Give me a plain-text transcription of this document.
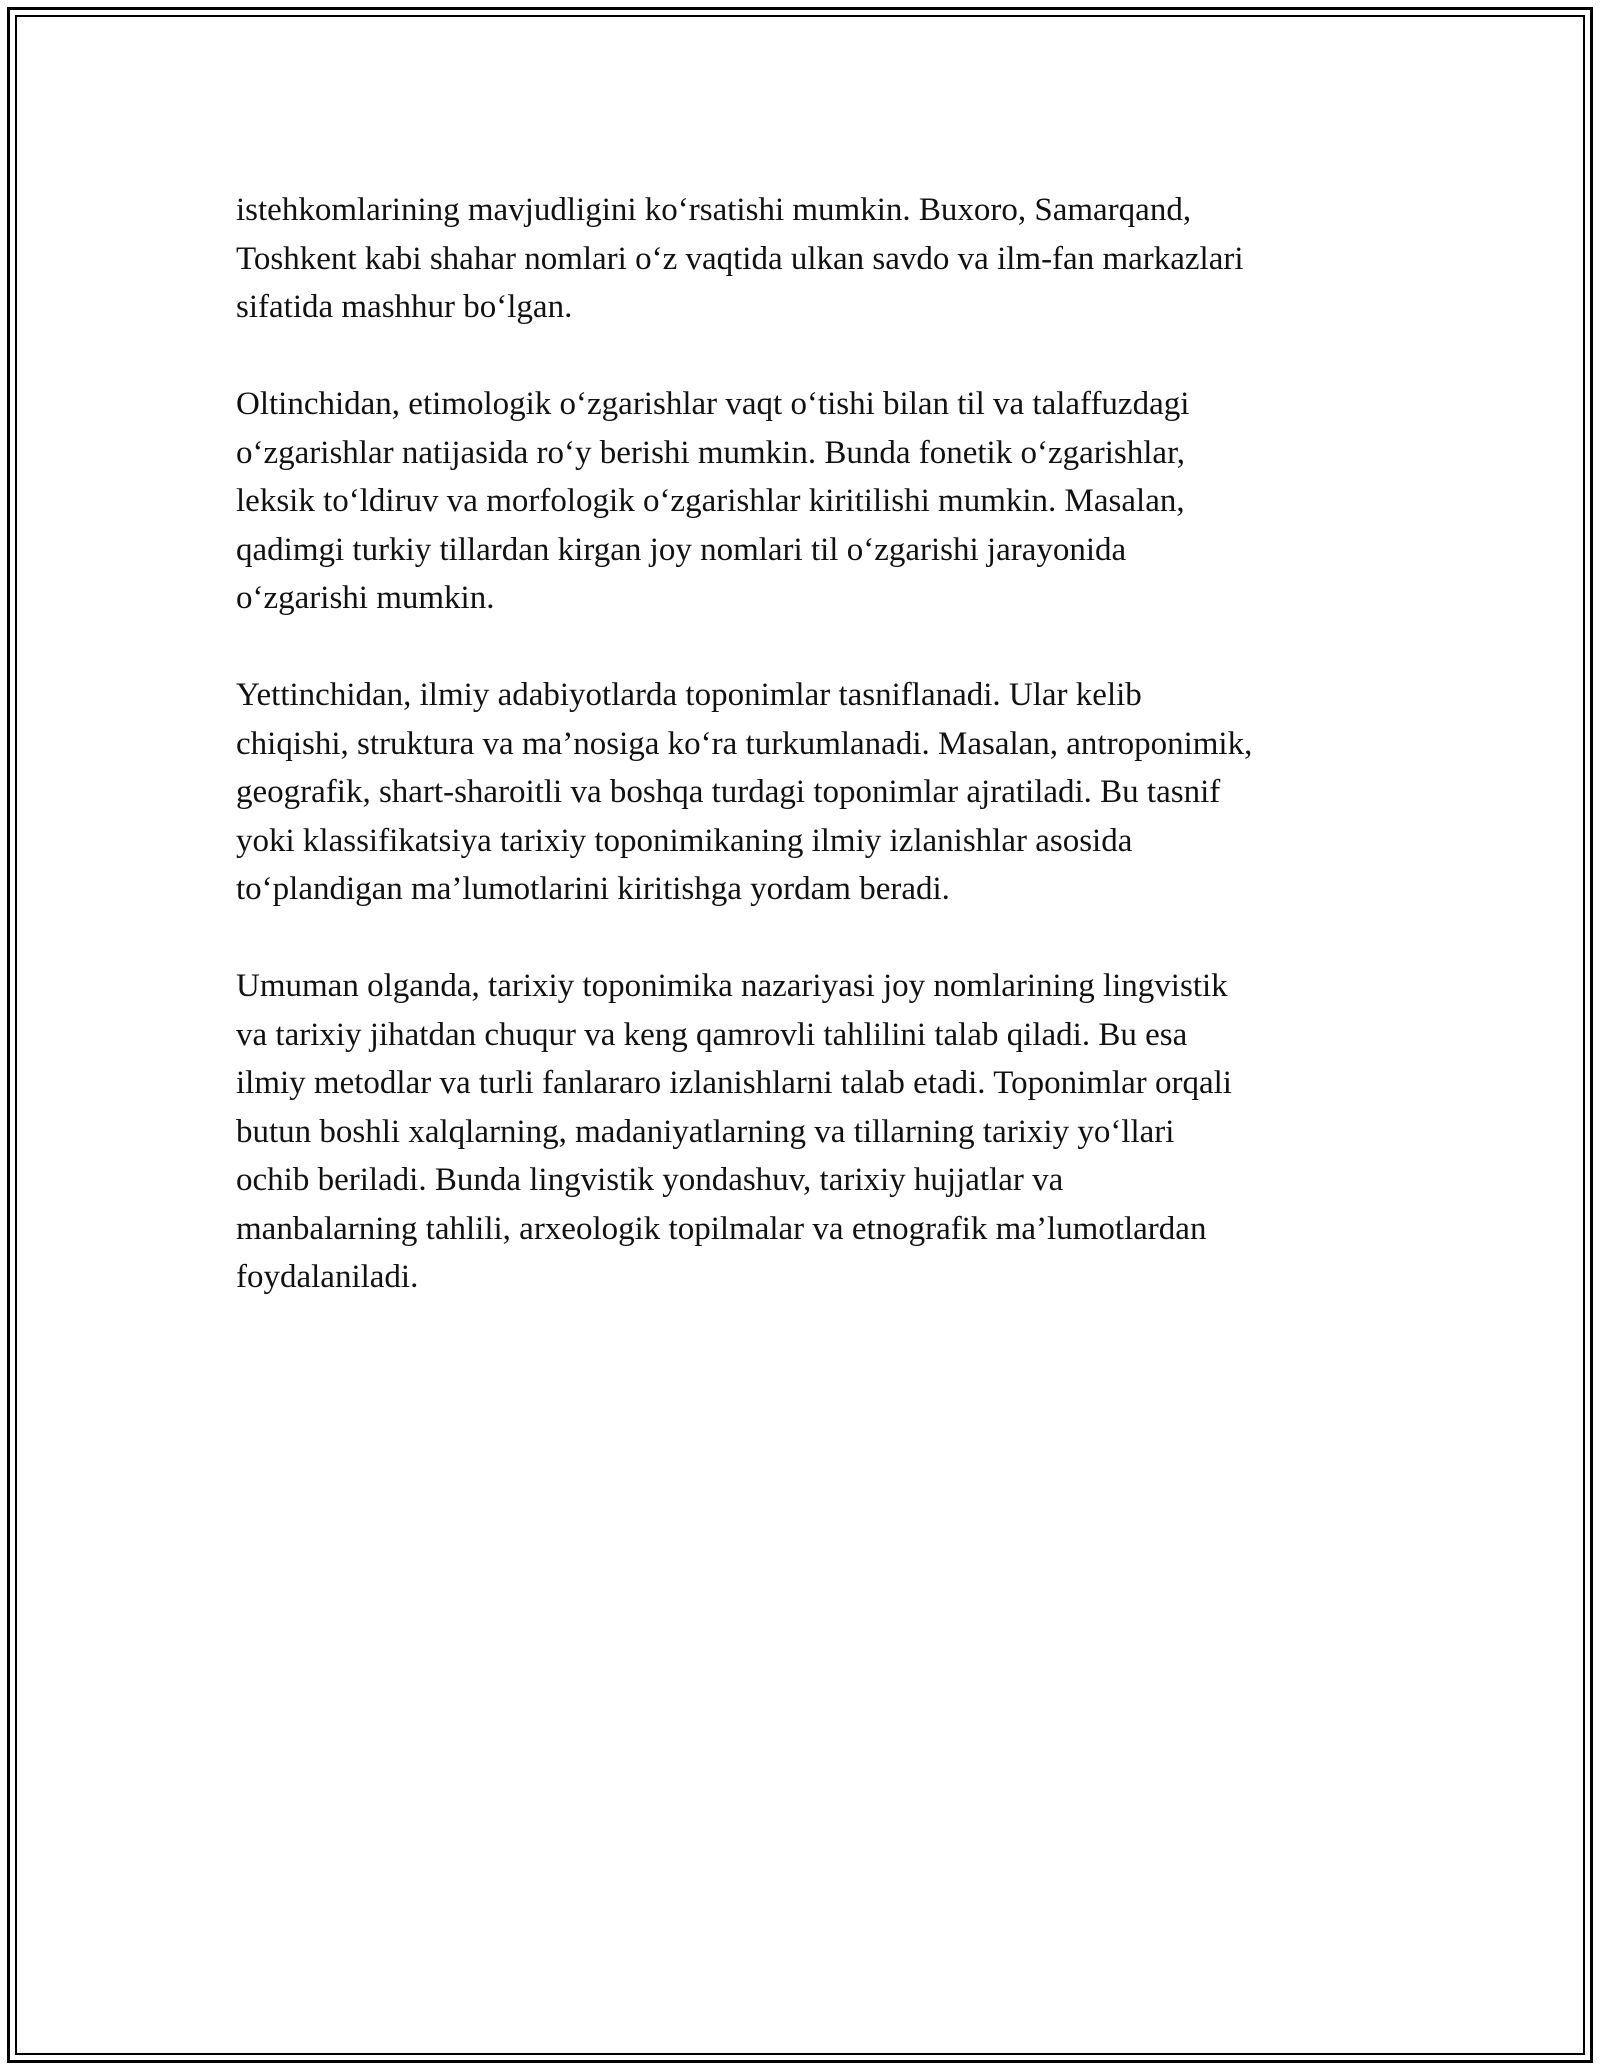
istehkomlarining mavjudligini ko‘rsatishi mumkin. Buxoro, Samarqand,
Toshkent kabi shahar nomlari o‘z vaqtida ulkan savdo va ilm-fan markazlari
sifatida mashhur bo‘lgan.

Oltinchidan, etimologik o‘zgarishlar vaqt o‘tishi bilan til va talaffuzdagi
o‘zgarishlar natijasida ro‘y berishi mumkin. Bunda fonetik o‘zgarishlar,
leksik to‘ldiruv va morfologik o‘zgarishlar kiritilishi mumkin. Masalan,
qadimgi turkiy tillardan kirgan joy nomlari til o‘zgarishi jarayonida
o‘zgarishi mumkin.

Yettinchidan, ilmiy adabiyotlarda toponimlar tasniflanadi. Ular kelib
chiqishi, struktura va ma’nosiga ko‘ra turkumlanadi. Masalan, antroponimik,
geografik, shart-sharoitli va boshqa turdagi toponimlar ajratiladi. Bu tasnif
yoki klassifikatsiya tarixiy toponimikaning ilmiy izlanishlar asosida
to‘plandigan ma’lumotlarini kiritishga yordam beradi.

Umuman olganda, tarixiy toponimika nazariyasi joy nomlarining lingvistik
va tarixiy jihatdan chuqur va keng qamrovli tahlilini talab qiladi. Bu esa
ilmiy metodlar va turli fanlararo izlanishlarni talab etadi. Toponimlar orqali
butun boshli xalqlarning, madaniyatlarning va tillarning tarixiy yo‘llari
ochib beriladi. Bunda lingvistik yondashuv, tarixiy hujjatlar va
manbalarning tahlili, arxeologik topilmalar va etnografik ma’lumotlardan
foydalaniladi.
